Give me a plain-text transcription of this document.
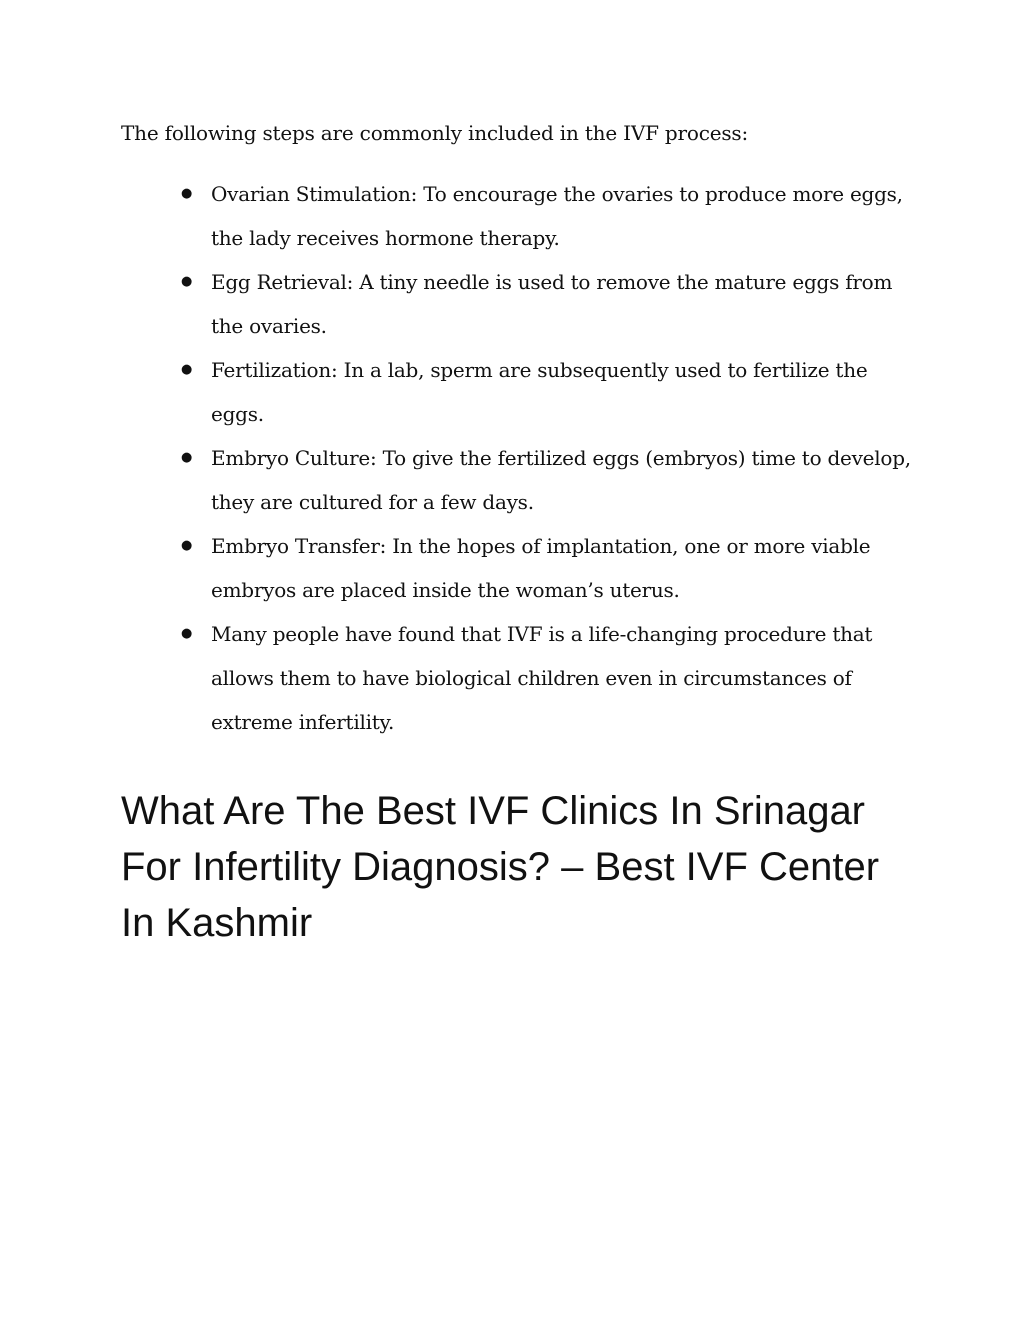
The following steps are commonly included in the IVF process:

● Ovarian Stimulation: To encourage the ovaries to produce more eggs, the lady receives hormone therapy.
● Egg Retrieval: A tiny needle is used to remove the mature eggs from the ovaries.
● Fertilization: In a lab, sperm are subsequently used to fertilize the eggs.
● Embryo Culture: To give the fertilized eggs (embryos) time to develop, they are cultured for a few days.
● Embryo Transfer: In the hopes of implantation, one or more viable embryos are placed inside the woman’s uterus.
● Many people have found that IVF is a life-changing procedure that allows them to have biological children even in circumstances of extreme infertility.
What Are The Best IVF Clinics In Srinagar For Infertility Diagnosis? – Best IVF Center In Kashmir
